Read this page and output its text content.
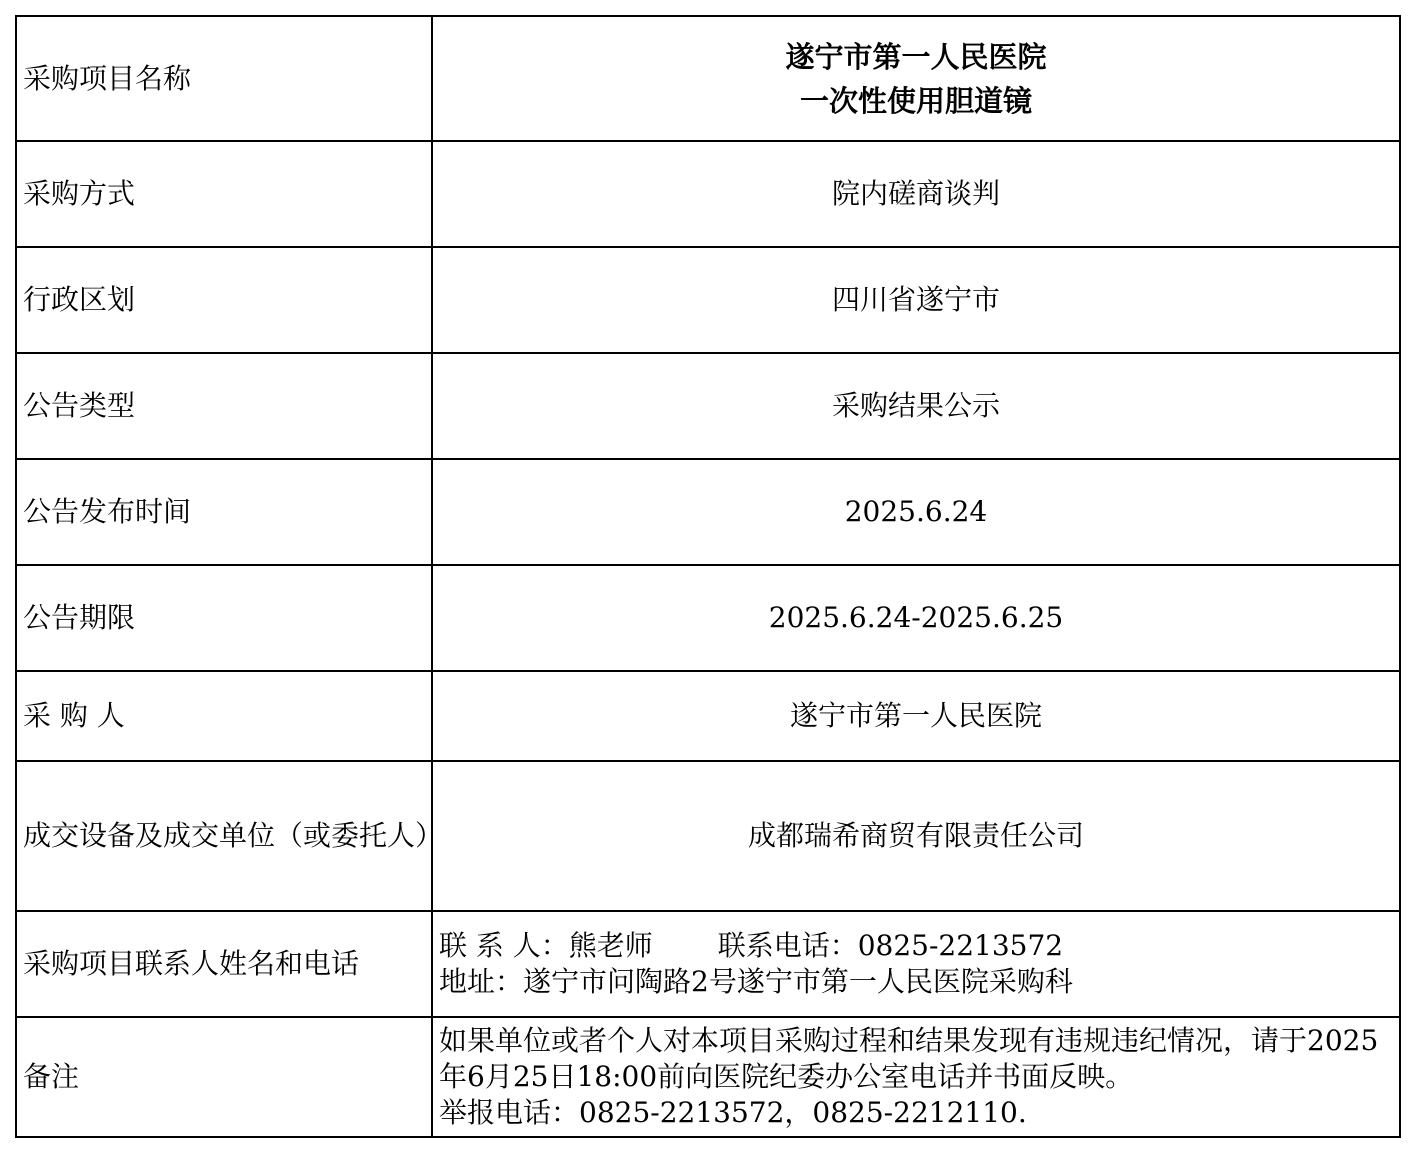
采购项目名称	遂宁市第一人民医院
一次性使用胆道镜

采购方式	院内磋商谈判
行政区划	四川省遂宁市
公告类型	采购结果公示
公告发布时间	2025.6.24
公告期限	2025.6.24-2025.6.25
采 购 人	遂宁市第一人民医院
成交设备及成交单位（或委托人）	成都瑞希商贸有限责任公司
采购项目联系人姓名和电话	联 系 人：熊老师　　 联系电话：0825-2213572
地址：遂宁市问陶路2号遂宁市第一人民医院采购科

备注	如果单位或者个人对本项目采购过程和结果发现有违规违纪情况，请于2025年6月25日18:00前向医院纪委办公室电话并书面反映。
举报电话：0825-2213572，0825-2212110.
